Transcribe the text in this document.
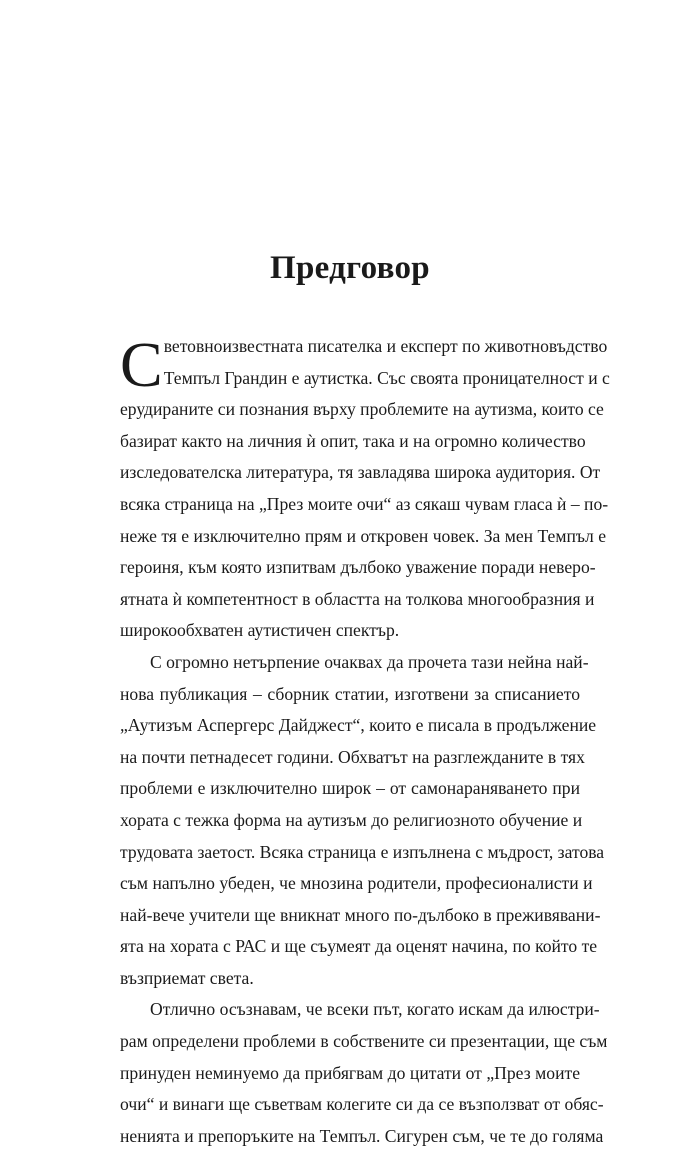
Предговор
С ветовноизвестната писателка и експерт по животновъдство
Темпъл Грандин е аутистка. Със своята проницателност и с
ерудираните си познания върху проблемите на аутизма, които се
базират както на личния ѝ опит, така и на огромно количество
изследователска литература, тя завладява широка аудитория. От
всяка страница на „През моите очи“ аз сякаш чувам гласа ѝ – по-
неже тя е изключително прям и откровен човек. За мен Темпъл е
героиня, към която изпитвам дълбоко уважение поради неверо-
ятната ѝ компетентност в областта на толкова многообразния и
широкообхватен аутистичен спектър.
С огромно нетърпение очаквах да прочета тази нейна най-
нова публикация – сборник статии, изготвени за списанието
„Аутизъм Аспергерс Дайджест“, които е писала в продължение
на почти петнадесет години. Обхватът на разглежданите в тях
проблеми е изключително широк – от самонараняването при
хората с тежка форма на аутизъм до религиозното обучение и
трудовата заетост. Всяка страница е изпълнена с мъдрост, затова
съм напълно убеден, че мнозина родители, професионалисти и
най-вече учители ще вникнат много по-дълбоко в преживявани-
ята на хората с РАС и ще съумеят да оценят начина, по който те
възприемат света.
Отлично осъзнавам, че всеки път, когато искам да илюстри-
рам определени проблеми в собствените си презентации, ще съм
принуден неминуемо да прибягвам до цитати от „През моите
очи“ и винаги ще съветвам колегите си да се възползват от обяс-
ненията и препоръките на Темпъл. Сигурен съм, че те до голяма
